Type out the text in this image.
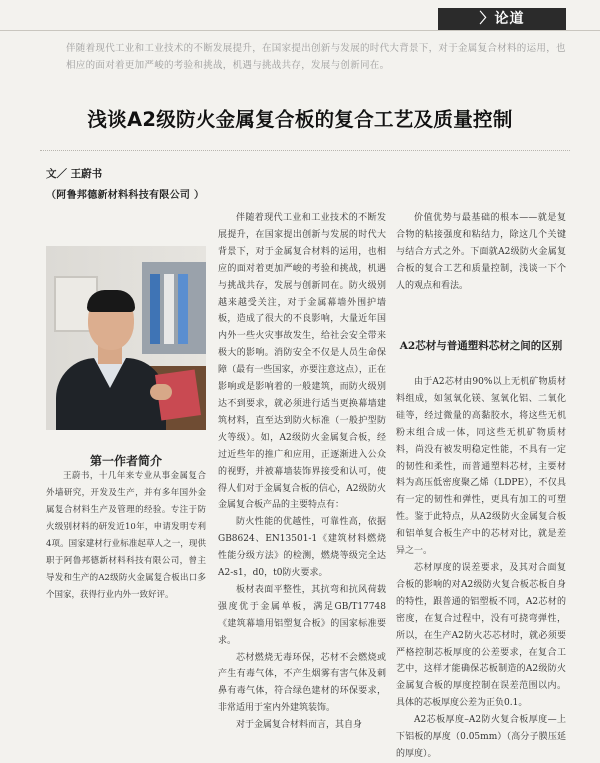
〉论道
伴随着现代工业和工业技术的不断发展提升，在国家提出创新与发展的时代大背景下，对于金属复合材料的运用，也相应的面对着更加严峻的考验和挑战，机遇与挑战共存，发展与创新同在。
浅谈A2级防火金属复合板的复合工艺及质量控制
文／ 王蔚书
（阿鲁邦德新材料科技有限公司 ）
第一作者简介
王蔚书，十几年来专业从事金属复合外墙研究，开发及生产，并有多年国外金属复合材料生产及管理的经验。专注于防火级别材料的研发近10年，申请发明专利4项。国家建材行业标准起草人之一，现供职于阿鲁邦德新材料科技有限公司，曾主导发和生产的A2级防火金属复合板出口多个国家，获得行业内外一致好评。

伴随着现代工业和工业技术的不断发展提升，在国家提出创新与发展的时代大背景下，对于金属复合材料的运用，也相应的面对着更加严峻的考验和挑战，机遇与挑战共存，发展与创新同在。防火级别越来越受关注，对于金属幕墙外围护墙板，造成了很大的不良影响，大量近年国内外一些火灾事故发生，给社会安全带来极大的影响。消防安全不仅是人员生命保障（最有一些国家，亦要注意这点），正在影响或是影响着的一般建筑，而防火级别达不到要求，就必须进行适当更换幕墙建筑材料，直至达到防火标准（一般护型防火等级）。如，A2级防火金属复合板，经过近些年的推广和应用，正逐渐进入公众的视野，并被幕墙装饰界接受和认可，使得人们对于金属复合板的信心，A2级防火金属复合板产品的主要特点有：

防火性能的优越性，可靠性高，依据GB8624、EN13501-1《建筑材料燃烧性能分级方法》的检测，燃烧等级完全达A2-s1，d0，t0防火要求。

板材表面平整性，其抗弯和抗风荷载强度优于金属单板，满足GB/T17748《建筑幕墙用铝塑复合板》的国家标准要求。

芯材燃烧无毒环保，芯材不会燃烧或产生有毒气体，不产生烟雾有害气体及刺鼻有毒气体，符合绿色建材的环保要求，非常适用于室内外建筑装饰。

对于金属复合材料而言，其自身

价值优势与最基础的根本——就是复合物的粘接强度和粘结力，除这几个关键与结合方式之外。下面就A2级防火金属复合板的复合工艺和质量控制，浅谈一下个人的观点和看法。

A2芯材与普通塑料芯材之间的区别

由于A2芯材由90%以上无机矿物质材料组成，如氢氧化镁、氢氧化铝、二氧化硅等，经过微量的高黏胶水，将这些无机粉末组合成一体，同这些无机矿物质材料，尚没有被发明稳定性能，不具有一定的韧性和柔性，而普通塑料芯材，主要材料为高压低密度聚乙烯（LDPE），不仅具有一定的韧性和弹性，更具有加工的可塑性。鉴于此特点，从A2级防火金属复合板和铝单复合板生产中的芯材对比，就是差异之一。

芯材厚度的误差要求，及其对合面复合板的影响的对A2级防火复合板芯板自身的特性，跟普通的铝塑板不同，A2芯材的密度，在复合过程中，没有可挠弯弹性，所以，在生产A2防火芯芯材时，就必须要严格控制芯板厚度的公差要求，在复合工艺中，这样才能确保芯板制造的A2级防火金属复合板的厚度控制在误差范围以内。具体的芯板厚度公差为正负0.1。

A2芯板厚度–A2防火复合板厚度—上下铝板的厚度（0.05mm）（高分子膜压延的厚度）。
